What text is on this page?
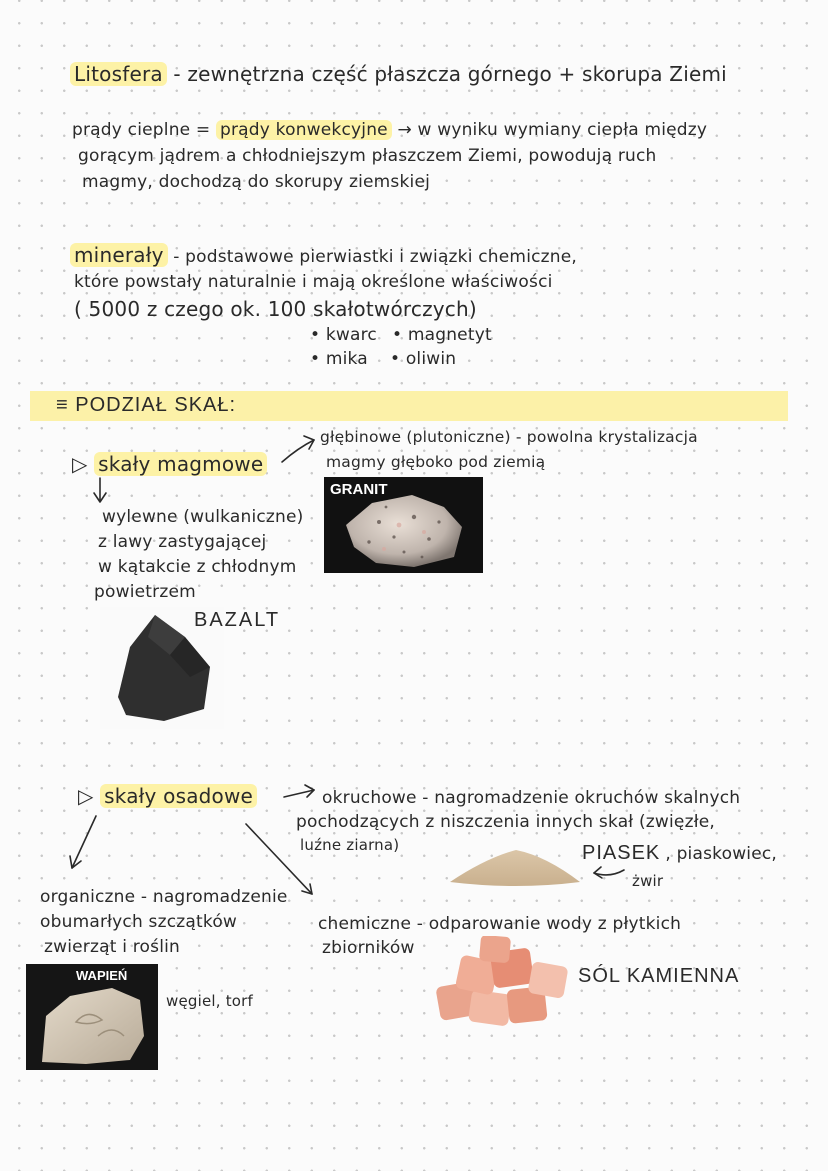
Litosfera - zewnętrzna część płaszcza górnego + skorupa Ziemi
prądy cieplne = prądy konwekcyjne → w wyniku wymiany ciepła między
gorącym jądrem a chłodniejszym płaszczem Ziemi, powodują ruch
magmy, dochodzą do skorupy ziemskiej
minerały - podstawowe pierwiastki i związki chemiczne,
które powstały naturalnie i mają określone właściwości
( 5000 z czego ok. 100 skałotwórczych)
• kwarc • magnetyt
• mika • oliwin
≡ PODZIAŁ SKAŁ:
▷ skały magmowe
głębinowe (plutoniczne) - powolna krystalizacja
magmy głęboko pod ziemią
GRANIT
wylewne (wulkaniczne)
z lawy zastygającej
w kątakcie z chłodnym
powietrzem
BAZALT
▷ skały osadowe	okruchowe - nagromadzenie okruchów skalnych
pochodzących z niszczenia innych skał (zwięzłe,
luźne ziarna)	PIASEK , piaskowiec,
żwir
organiczne - nagromadzenie
obumarłych szczątków
zwierząt i roślin
chemiczne - odparowanie wody z płytkich
zbiorników
SÓL KAMIENNA
WAPIEŃ
węgiel, torf
